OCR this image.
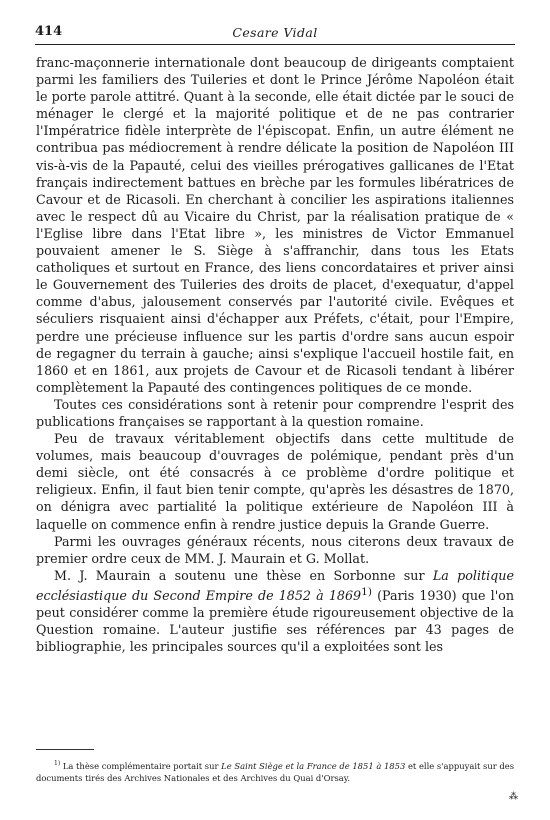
414	Cesare Vidal

franc-maçonnerie internationale dont beaucoup de dirigeants comptaient parmi les familiers des Tuileries et dont le Prince Jérôme Napoléon était le porte parole attitré. Quant à la seconde, elle était dictée par le souci de ménager le clergé et la majorité politique et de ne pas contrarier l'Impératrice fidèle interprète de l'épiscopat. Enfin, un autre élément ne contribua pas médiocrement à rendre délicate la position de Napoléon III vis-à-vis de la Papauté, celui des vieilles prérogatives gallicanes de l'Etat français indirectement battues en brèche par les formules libératrices de Cavour et de Ricasoli. En cherchant à concilier les aspirations italiennes avec le respect dû au Vicaire du Christ, par la réalisation pratique de « l'Eglise libre dans l'Etat libre », les ministres de Victor Emmanuel pouvaient amener le S. Siège à s'affranchir, dans tous les Etats catholiques et surtout en France, des liens concordataires et priver ainsi le Gouvernement des Tuileries des droits de placet, d'exequatur, d'appel comme d'abus, jalousement conservés par l'autorité civile. Evêques et séculiers risquaient ainsi d'échapper aux Préfets, c'était, pour l'Empire, perdre une précieuse influence sur les partis d'ordre sans aucun espoir de regagner du terrain à gauche; ainsi s'explique l'accueil hostile fait, en 1860 et en 1861, aux projets de Cavour et de Ricasoli tendant à libérer complètement la Papauté des contingences politiques de ce monde.

Toutes ces considérations sont à retenir pour comprendre l'esprit des publications françaises se rapportant à la question romaine.

Peu de travaux véritablement objectifs dans cette multitude de volumes, mais beaucoup d'ouvrages de polémique, pendant près d'un demi siècle, ont été consacrés à ce problème d'ordre politique et religieux. Enfin, il faut bien tenir compte, qu'après les désastres de 1870, on dénigra avec partialité la politique extérieure de Napoléon III à laquelle on commence enfin à rendre justice depuis la Grande Guerre.

Parmi les ouvrages généraux récents, nous citerons deux travaux de premier ordre ceux de MM. J. Maurain et G. Mollat.

M. J. Maurain a soutenu une thèse en Sorbonne sur La politique ecclésiastique du Second Empire de 1852 à 1869$^{1)}$ (Paris 1930) que l'on peut considérer comme la première étude rigoureusement objective de la Question romaine. L'auteur justifie ses références par 43 pages de bibliographie, les principales sources qu'il a exploitées sont les

$^{1)}$ La thèse complémentaire portait sur Le Saint Siège et la France de 1851 à 1853 et elle s'appuyait sur des documents tirés des Archives Nationales et des Archives du Quai d'Orsay.

⁂
